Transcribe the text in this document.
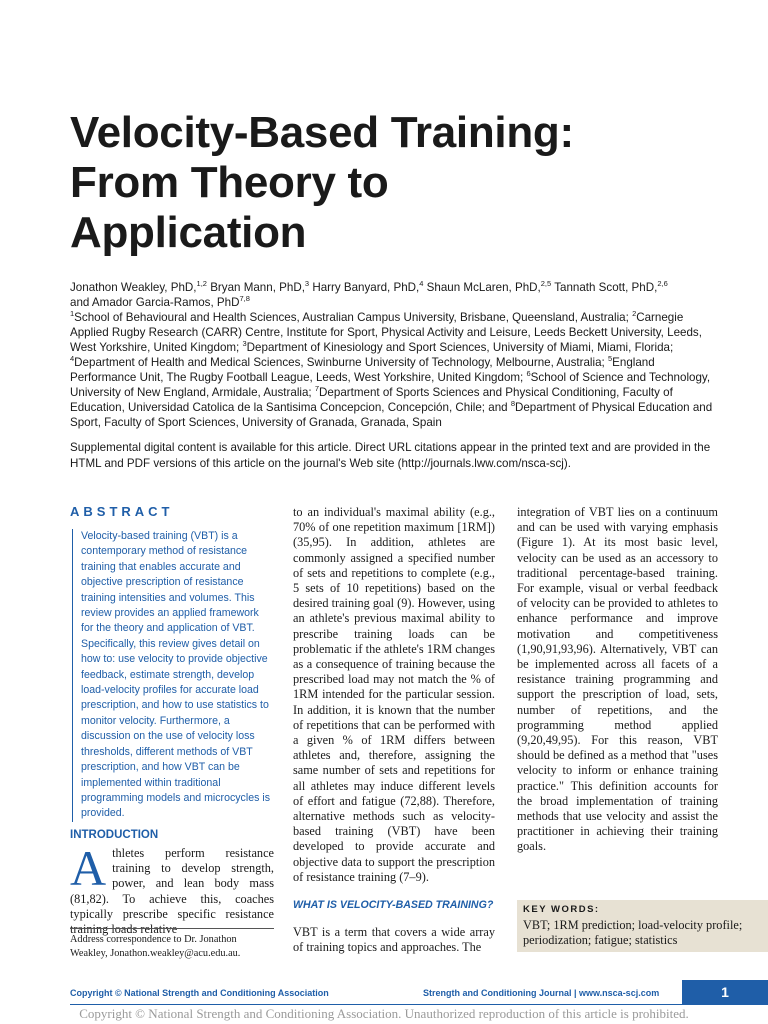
Velocity-Based Training:
From Theory to
Application
Jonathon Weakley, PhD,$^{1,2}$ Bryan Mann, PhD,$^3$ Harry Banyard, PhD,$^4$ Shaun McLaren, PhD,$^{2,5}$ Tannath Scott, PhD,$^{2,6}$
and Amador Garcia-Ramos, PhD$^{7,8}$
$^1$School of Behavioural and Health Sciences, Australian Campus University, Brisbane, Queensland, Australia; $^2$Carnegie Applied Rugby Research (CARR) Centre, Institute for Sport, Physical Activity and Leisure, Leeds Beckett University, Leeds, West Yorkshire, United Kingdom; $^3$Department of Kinesiology and Sport Sciences, University of Miami, Miami, Florida; $^4$Department of Health and Medical Sciences, Swinburne University of Technology, Melbourne, Australia; $^5$England Performance Unit, The Rugby Football League, Leeds, West Yorkshire, United Kingdom; $^6$School of Science and Technology, University of New England, Armidale, Australia; $^7$Department of Sports Sciences and Physical Conditioning, Faculty of Education, Universidad Catolica de la Santisima Concepcion, Concepción, Chile; and $^8$Department of Physical Education and Sport, Faculty of Sport Sciences, University of Granada, Granada, Spain
Supplemental digital content is available for this article. Direct URL citations appear in the printed text and are provided in the HTML and PDF versions of this article on the journal's Web site (http://journals.lww.com/nsca-scj).
ABSTRACT
Velocity-based training (VBT) is a contemporary method of resistance training that enables accurate and objective prescription of resistance training intensities and volumes. This review provides an applied framework for the theory and application of VBT. Specifically, this review gives detail on how to: use velocity to provide objective feedback, estimate strength, develop load-velocity profiles for accurate load prescription, and how to use statistics to monitor velocity. Furthermore, a discussion on the use of velocity loss thresholds, different methods of VBT prescription, and how VBT can be implemented within traditional programming models and microcycles is provided.
INTRODUCTION
Athletes perform resistance training to develop strength, power, and lean body mass (81,82). To achieve this, coaches typically prescribe specific resistance training loads relative
Address correspondence to Dr. Jonathon Weakley, Jonathon.weakley@acu.edu.au.
to an individual's maximal ability (e.g., 70% of one repetition maximum [1RM]) (35,95). In addition, athletes are commonly assigned a specified number of sets and repetitions to complete (e.g., 5 sets of 10 repetitions) based on the desired training goal (9). However, using an athlete's previous maximal ability to prescribe training loads can be problematic if the athlete's 1RM changes as a consequence of training because the prescribed load may not match the % of 1RM intended for the particular session. In addition, it is known that the number of repetitions that can be performed with a given % of 1RM differs between athletes and, therefore, assigning the same number of sets and repetitions for all athletes may induce different levels of effort and fatigue (72,88). Therefore, alternative methods such as velocity-based training (VBT) have been developed to provide accurate and objective data to support the prescription of resistance training (7–9).
WHAT IS VELOCITY-BASED TRAINING?
VBT is a term that covers a wide array of training topics and approaches. The
integration of VBT lies on a continuum and can be used with varying emphasis (Figure 1). At its most basic level, velocity can be used as an accessory to traditional percentage-based training. For example, visual or verbal feedback of velocity can be provided to athletes to enhance performance and improve motivation and competitiveness (1,90,91,93,96). Alternatively, VBT can be implemented across all facets of a resistance training programming and support the prescription of load, sets, number of repetitions, and the programming method applied (9,20,49,95). For this reason, VBT should be defined as a method that "uses velocity to inform or enhance training practice." This definition accounts for the broad implementation of training methods that use velocity and assist the practitioner in achieving their training goals.
KEY WORDS:
VBT; 1RM prediction; load-velocity profile; periodization; fatigue; statistics
Copyright © National Strength and Conditioning Association	Strength and Conditioning Journal | www.nsca-scj.com	1
Copyright © National Strength and Conditioning Association. Unauthorized reproduction of this article is prohibited.
